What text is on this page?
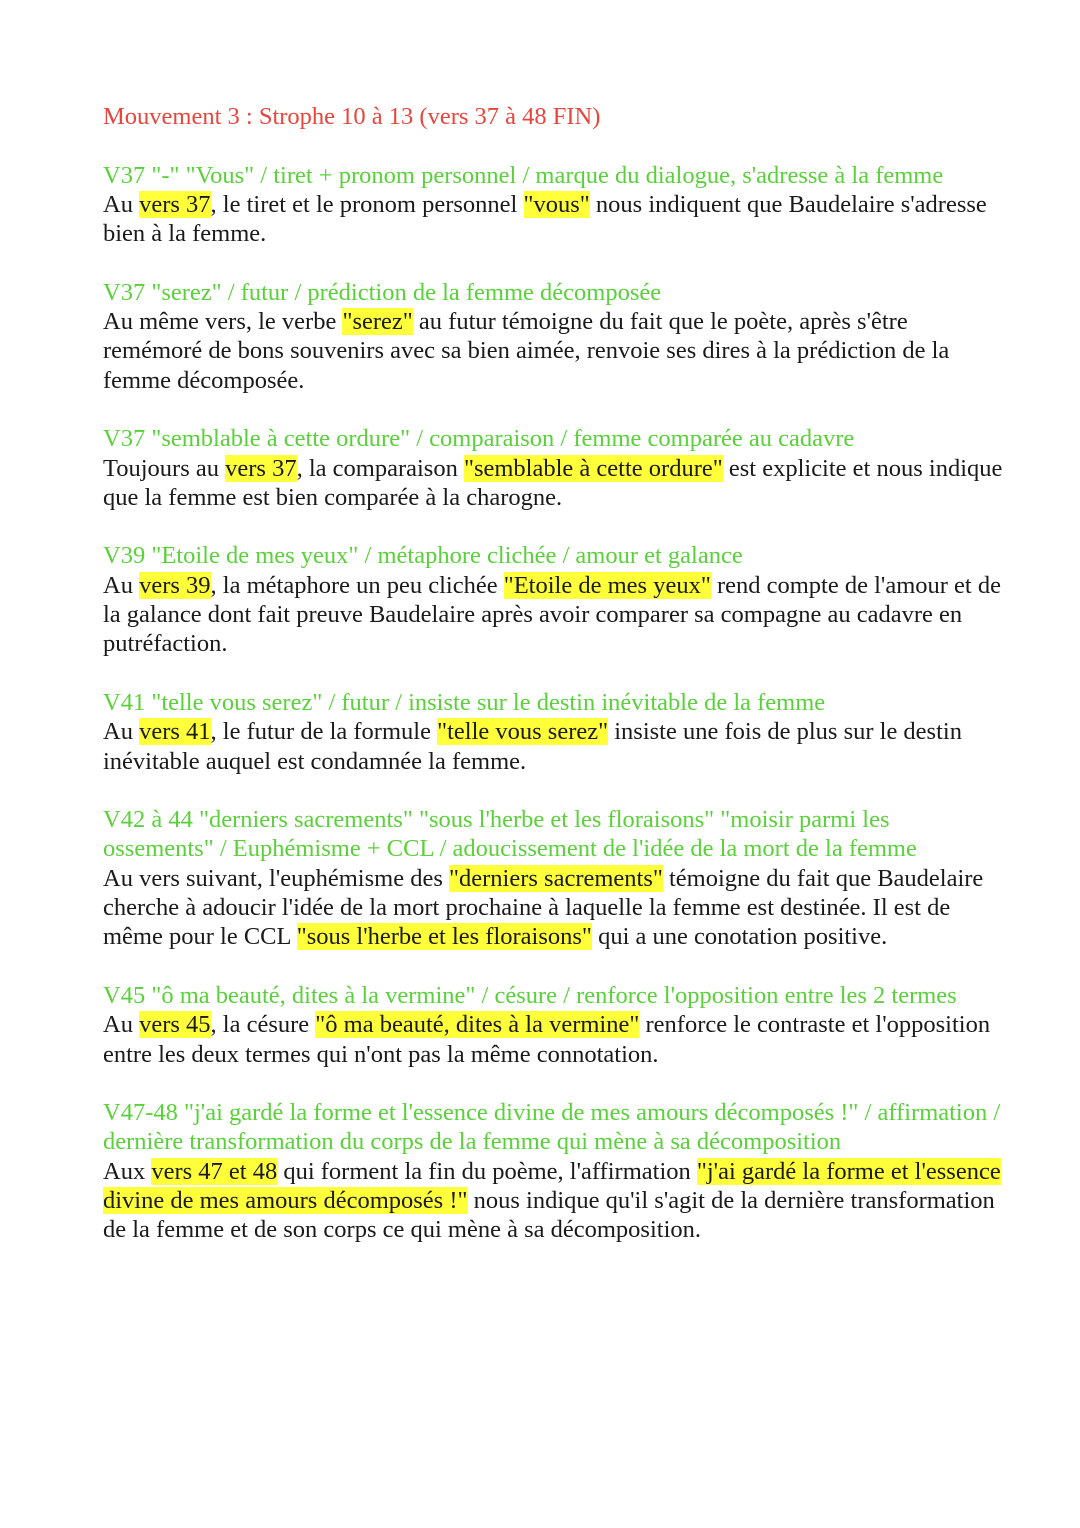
Mouvement 3 : Strophe 10 à 13 (vers 37 à 48 FIN)
V37 "-" "Vous" / tiret + pronom personnel / marque du dialogue, s'adresse à la femme
Au vers 37, le tiret et le pronom personnel "vous" nous indiquent que Baudelaire s'adresse bien à la femme.
V37 "serez" / futur / prédiction de la femme décomposée
Au même vers, le verbe "serez" au futur témoigne du fait que le poète, après s'être remémoré de bons souvenirs avec sa bien aimée, renvoie ses dires à la prédiction de la femme décomposée.
V37 "semblable à cette ordure" / comparaison / femme comparée au cadavre
Toujours au vers 37, la comparaison "semblable à cette ordure" est explicite et nous indique que la femme est bien comparée à la charogne.
V39 "Etoile de mes yeux" / métaphore clichée / amour et galance
Au vers 39, la métaphore un peu clichée "Etoile de mes yeux" rend compte de l'amour et de la galance dont fait preuve Baudelaire après avoir comparer sa compagne au cadavre en putréfaction.
V41 "telle vous serez" / futur / insiste sur le destin inévitable de la femme
Au vers 41, le futur de la formule "telle vous serez" insiste une fois de plus sur le destin inévitable auquel est condamnée la femme.
V42 à 44 "derniers sacrements" "sous l'herbe et les floraisons" "moisir parmi les ossements" / Euphémisme + CCL / adoucissement de l'idée de la mort de la femme
Au vers suivant, l'euphémisme des "derniers sacrements" témoigne du fait que Baudelaire cherche à adoucir l'idée de la mort prochaine à laquelle la femme est destinée. Il est de même pour le CCL "sous l'herbe et les floraisons" qui a une conotation positive.
V45 "ô ma beauté, dites à la vermine" / césure / renforce l'opposition entre les 2 termes
Au vers 45, la césure "ô ma beauté, dites à la vermine" renforce le contraste et l'opposition entre les deux termes qui n'ont pas la même connotation.
V47-48 "j'ai gardé la forme et l'essence divine de mes amours décomposés !" / affirmation / dernière transformation du corps de la femme qui mène à sa décomposition
Aux vers 47 et 48 qui forment la fin du poème, l'affirmation "j'ai gardé la forme et l'essence divine de mes amours décomposés !" nous indique qu'il s'agit de la dernière transformation de la femme et de son corps ce qui mène à sa décomposition.
